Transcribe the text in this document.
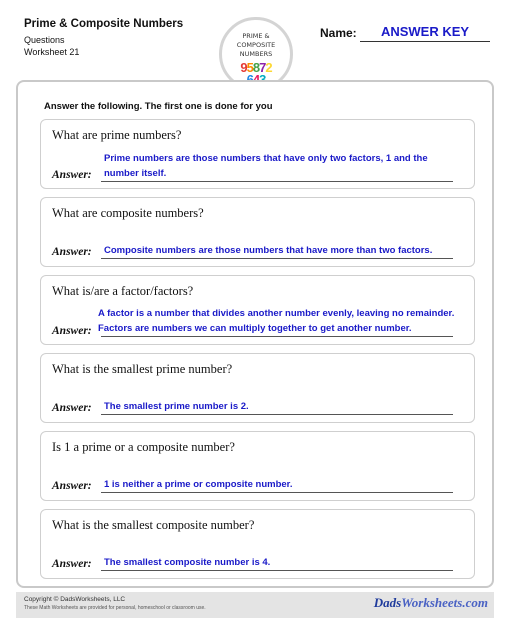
Prime & Composite Numbers
Questions
Worksheet 21
PRIME &
COMPOSITE
NUMBERS
95872

Name:	ANSWER KEY
Answer the following. The first one is done for you
What are prime numbers?
Prime numbers are those numbers that have only two factors, 1 and the
number itself.
Answer:
What are composite numbers?
Composite numbers are those numbers that have more than two factors.
Answer:
What is/are a factor/factors?
A factor is a number that divides another number evenly, leaving no remainder.
Factors are numbers we can multiply together to get another number.
Answer:
What is the smallest prime number?
The smallest prime number is 2.
Answer:
Is 1 a prime or a composite number?
1 is neither a prime or composite number.
Answer:
What is the smallest composite number?
The smallest composite number is 4.
Answer:
Copyright © DadsWorksheets, LLC
These Math Worksheets are provided for personal, homeschool or classroom use.	DadsWorksheets.com
